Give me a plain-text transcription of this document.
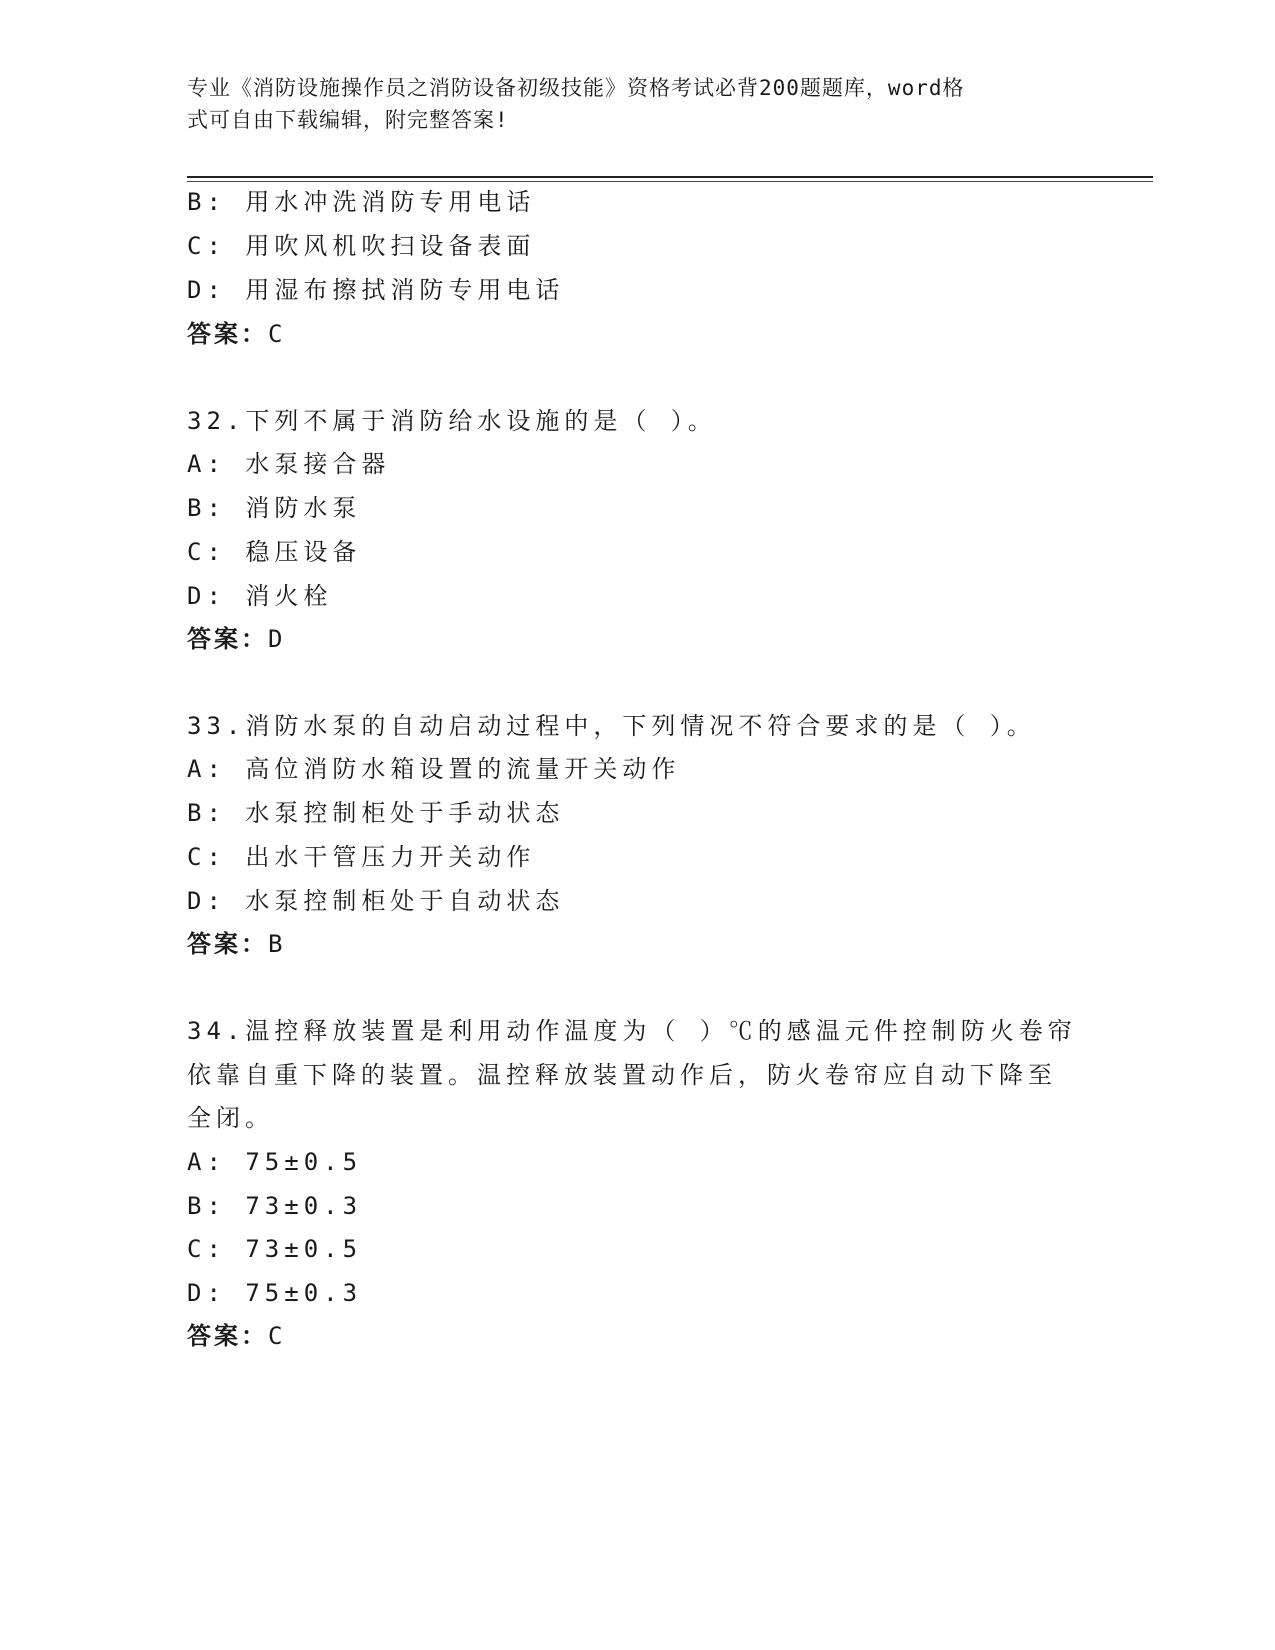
专业《消防设施操作员之消防设备初级技能》资格考试必背200题题库，word格
式可自由下载编辑，附完整答案!
B: 用水冲洗消防专用电话
C: 用吹风机吹扫设备表面
D: 用湿布擦拭消防专用电话
答案：C
32.下列不属于消防给水设施的是（ ）。
A: 水泵接合器
B: 消防水泵
C: 稳压设备
D: 消火栓
答案：D
33.消防水泵的自动启动过程中，下列情况不符合要求的是（ ）。
A: 高位消防水箱设置的流量开关动作
B: 水泵控制柜处于手动状态
C: 出水干管压力开关动作
D: 水泵控制柜处于自动状态
答案：B
34.温控释放装置是利用动作温度为（ ）℃的感温元件控制防火卷帘
依靠自重下降的装置。温控释放装置动作后，防火卷帘应自动下降至
全闭。
A: 75±0.5
B: 73±0.3
C: 73±0.5
D: 75±0.3
答案：C
